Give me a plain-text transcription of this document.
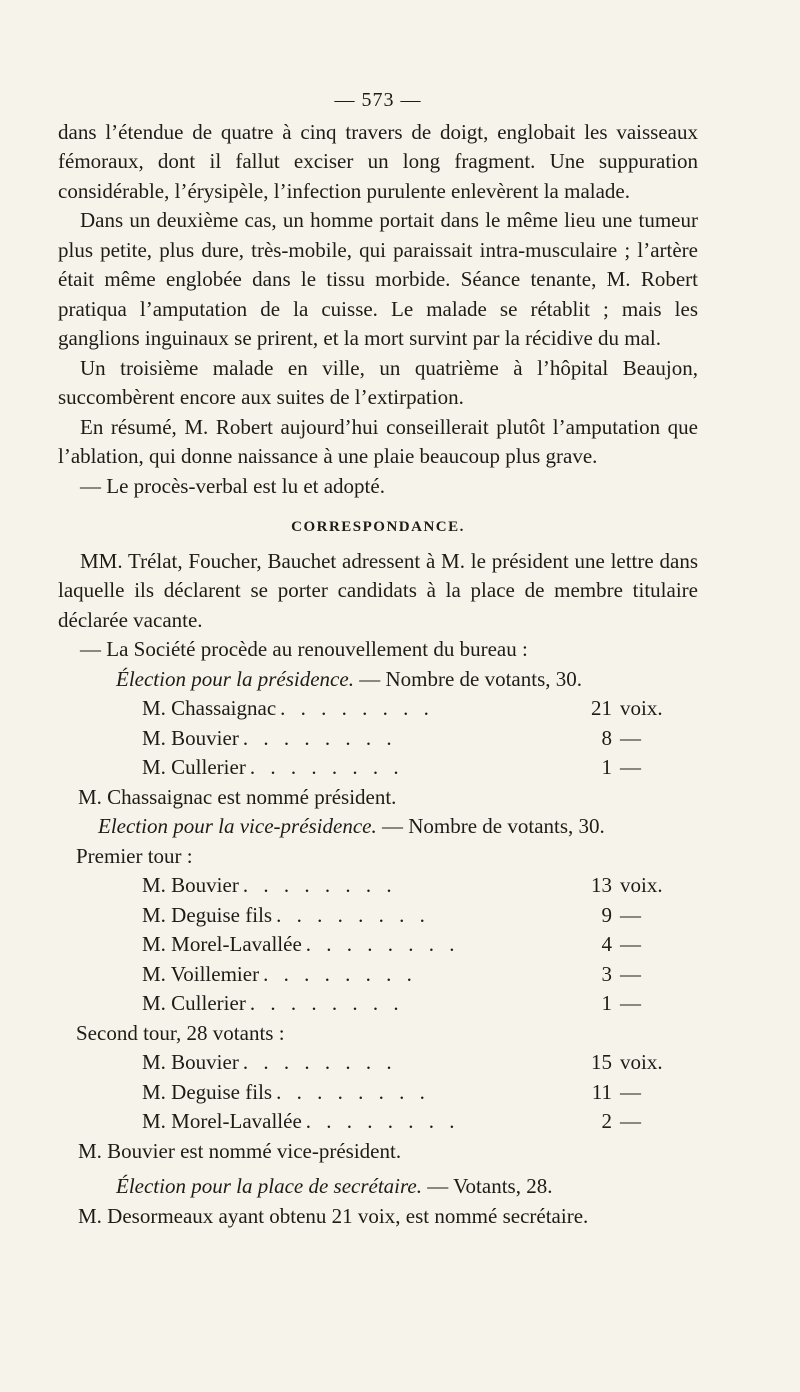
— 573 —

dans l’étendue de quatre à cinq travers de doigt, englobait les vaisseaux fémoraux, dont il fallut exciser un long fragment. Une suppuration considérable, l’érysipèle, l’infection purulente enlevèrent la malade.

Dans un deuxième cas, un homme portait dans le même lieu une tumeur plus petite, plus dure, très-mobile, qui paraissait intra-musculaire ; l’artère était même englobée dans le tissu morbide. Séance tenante, M. Robert pratiqua l’amputation de la cuisse. Le malade se rétablit ; mais les ganglions inguinaux se prirent, et la mort survint par la récidive du mal.

Un troisième malade en ville, un quatrième à l’hôpital Beaujon, succombèrent encore aux suites de l’extirpation.

En résumé, M. Robert aujourd’hui conseillerait plutôt l’amputation que l’ablation, qui donne naissance à une plaie beaucoup plus grave.

— Le procès-verbal est lu et adopté.

CORRESPONDANCE.

MM. Trélat, Foucher, Bauchet adressent à M. le président une lettre dans laquelle ils déclarent se porter candidats à la place de membre titulaire déclarée vacante.

— La Société procède au renouvellement du bureau :

Élection pour la présidence. — Nombre de votants, 30.
M. Chassaignac . . . . . . . .	21 voix.
M. Bouvier . . . . . . . .	8 —
M. Cullerier . . . . . . . .	1 —
M. Chassaignac est nommé président.
Election pour la vice-présidence. — Nombre de votants, 30.
Premier tour :
M. Bouvier . . . . . . . .	13 voix.
M. Deguise fils . . . . . . . .	9 —
M. Morel-Lavallée . . . . . . . .	4 —
M. Voillemier . . . . . . . .	3 —
M. Cullerier . . . . . . . .	1 —
Second tour, 28 votants :
M. Bouvier . . . . . . . .	15 voix.
M. Deguise fils . . . . . . . .	11 —
M. Morel-Lavallée . . . . . . . .	2 —
M. Bouvier est nommé vice-président.
Élection pour la place de secrétaire. — Votants, 28.
M. Desormeaux ayant obtenu 21 voix, est nommé secrétaire.
